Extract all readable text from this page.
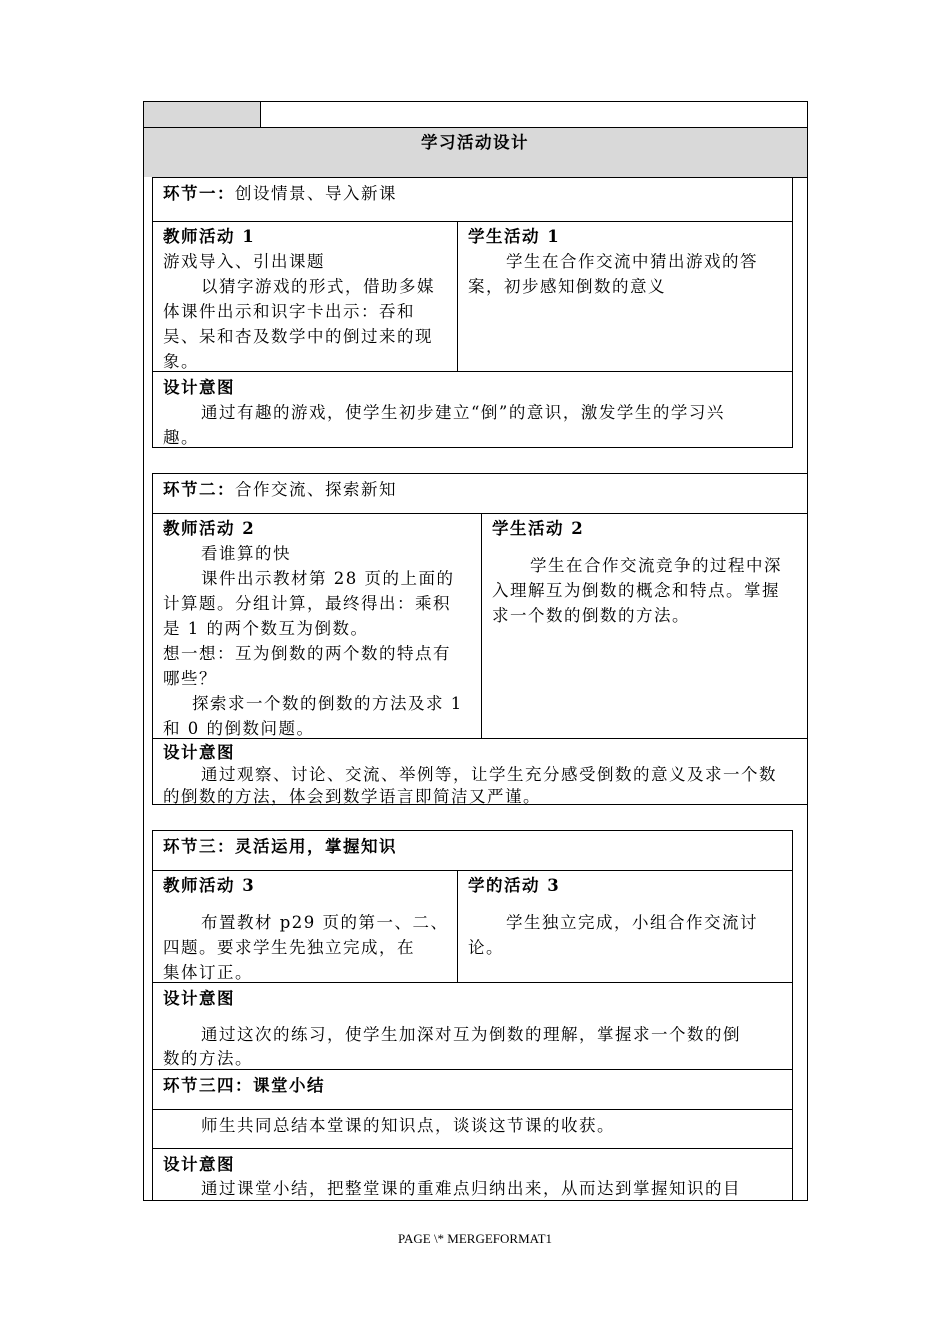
学习活动设计
环节一：创设情景、导入新课
教师活动 1
游戏导入、引出课题
以猜字游戏的形式，借助多媒
体课件出示和识字卡出示：吞和
吴、呆和杏及数学中的倒过来的现
象。
学生活动 1
学生在合作交流中猜出游戏的答
案，初步感知倒数的意义
设计意图
通过有趣的游戏，使学生初步建立“倒”的意识，激发学生的学习兴
趣。
环节二：合作交流、探索新知
教师活动 2
看谁算的快
课件出示教材第 28 页的上面的
计算题。分组计算，最终得出：乘积
是 1 的两个数互为倒数。
想一想：互为倒数的两个数的特点有
哪些？
探索求一个数的倒数的方法及求 1
和 0 的倒数问题。
学生活动 2
学生在合作交流竞争的过程中深
入理解互为倒数的概念和特点。掌握
求一个数的倒数的方法。
设计意图
通过观察、讨论、交流、举例等，让学生充分感受倒数的意义及求一个数
的倒数的方法，体会到数学语言即简洁又严谨。
环节三：灵活运用，掌握知识
教师活动 3
布置教材 p29 页的第一、二、
四题。要求学生先独立完成，在
集体订正。
学的活动 3
学生独立完成，小组合作交流讨
论。
设计意图
通过这次的练习，使学生加深对互为倒数的理解，掌握求一个数的倒
数的方法。
环节三四：课堂小结
师生共同总结本堂课的知识点，谈谈这节课的收获。
设计意图
通过课堂小结，把整堂课的重难点归纳出来，从而达到掌握知识的目
PAGE \* MERGEFORMAT1
